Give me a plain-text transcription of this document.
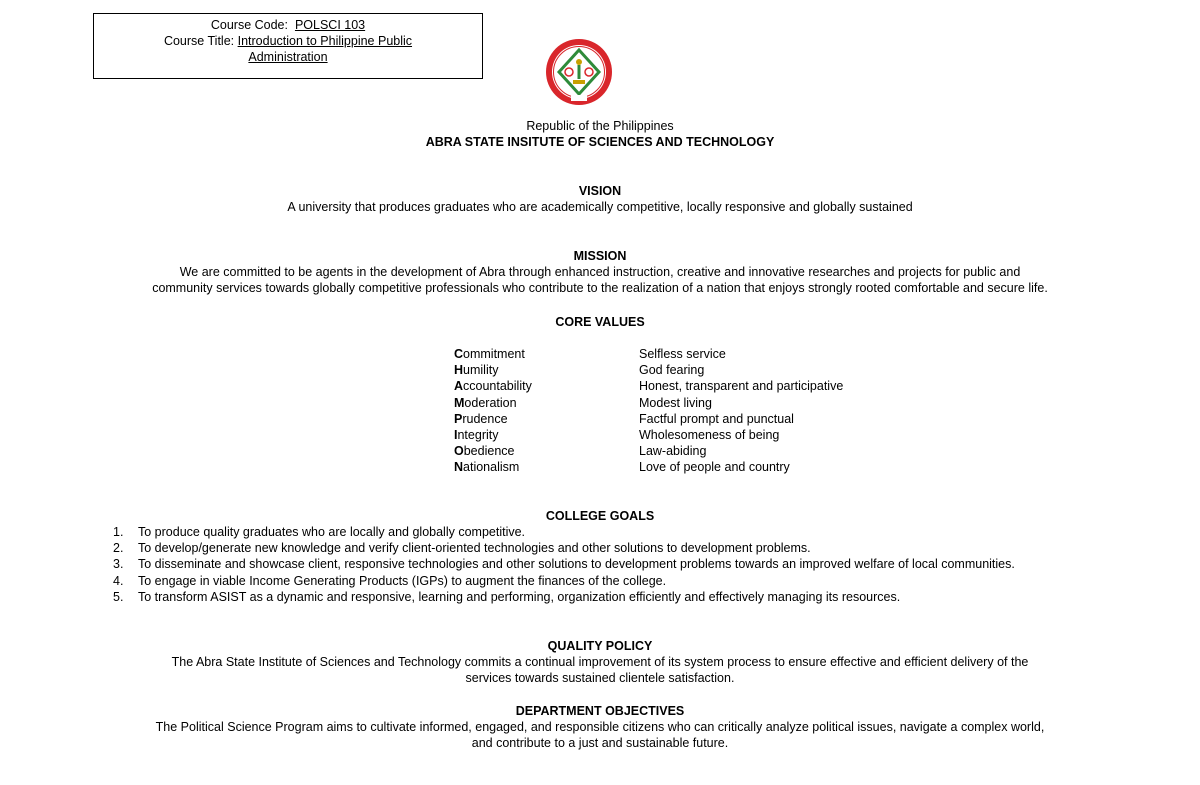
Course Code: POLSCI 103
Course Title: Introduction to Philippine Public Administration
Republic of the Philippines
ABRA STATE INSITUTE OF SCIENCES AND TECHNOLOGY
VISION
A university that produces graduates who are academically competitive, locally responsive and globally sustained
MISSION
We are committed to be agents in the development of Abra through enhanced instruction, creative and innovative researches and projects for public and
community services towards globally competitive professionals who contribute to the realization of a nation that enjoys strongly rooted comfortable and secure life.
CORE VALUES
Commitment	Selfless service
Humility	God fearing
Accountability	Honest, transparent and participative
Moderation	Modest living
Prudence	Factful prompt and punctual
Integrity	Wholesomeness of being
Obedience	Law-abiding
Nationalism	Love of people and country
COLLEGE GOALS
1.	To produce quality graduates who are locally and globally competitive.
2.	To develop/generate new knowledge and verify client-oriented technologies and other solutions to development problems.
3.	To disseminate and showcase client, responsive technologies and other solutions to development problems towards an improved welfare of local communities.
4.	To engage in viable Income Generating Products (IGPs) to augment the finances of the college.
5.	To transform ASIST as a dynamic and responsive, learning and performing, organization efficiently and effectively managing its resources.
QUALITY POLICY
The Abra State Institute of Sciences and Technology commits a continual improvement of its system process to ensure effective and efficient delivery of the
services towards sustained clientele satisfaction.
DEPARTMENT OBJECTIVES
The Political Science Program aims to cultivate informed, engaged, and responsible citizens who can critically analyze political issues, navigate a complex world,
and contribute to a just and sustainable future.
